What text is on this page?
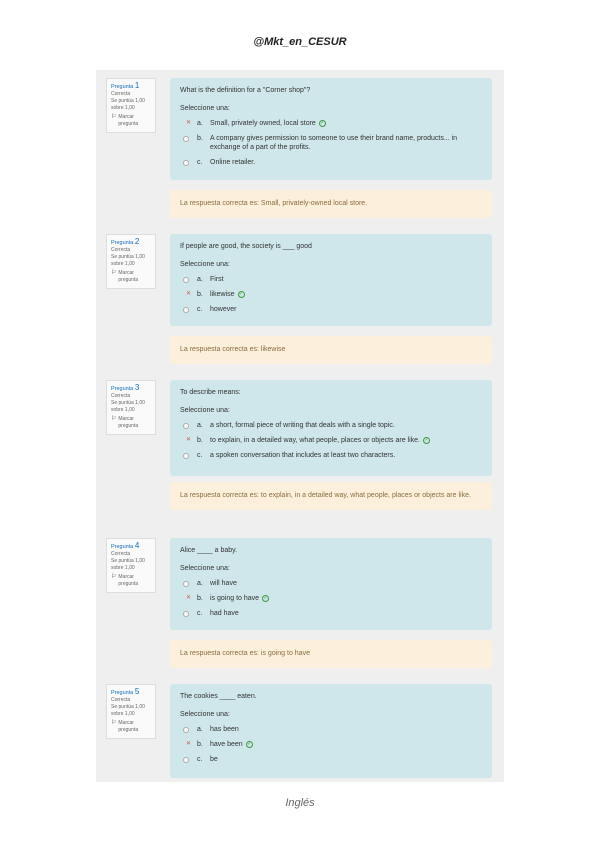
@Mkt_en_CESUR
Pregunta 1
Correcta
Se puntúa 1,00 sobre 1,00
⚐ Marcar pregunta
What is the definition for a "Corner shop"?
Seleccione una:
✕ a.	Small, privately owned, local store ✓
b.	A company gives permission to someone to use their brand name, products... in exchange of a part of the profits.
c.	Online retailer.
La respuesta correcta es: Small, privately-owned local store.
Pregunta 2
Correcta
Se puntúa 1,00 sobre 1,00
⚐ Marcar pregunta
If people are good, the society is ___ good
Seleccione una:
a.	First
✕ b.	likewise ✓
c.	however
La respuesta correcta es: likewise
Pregunta 3
Correcta
Se puntúa 1,00 sobre 1,00
⚐ Marcar pregunta
To describe means:
Seleccione una:
a.	a short, formal piece of writing that deals with a single topic.
✕ b.	to explain, in a detailed way, what people, places or objects are like. ✓
c.	a spoken conversation that includes at least two characters.
La respuesta correcta es: to explain, in a detailed way, what people, places or objects are like.
Pregunta 4
Correcta
Se puntúa 1,00 sobre 1,00
⚐ Marcar pregunta
Alice ____ a baby.
Seleccione una:
a.	will have
✕ b.	is going to have ✓
c.	had have
La respuesta correcta es: is going to have
Pregunta 5
Correcta
Se puntúa 1,00 sobre 1,00
⚐ Marcar pregunta
The cookies ____ eaten.
Seleccione una:
a.	has been
✕ b.	have been ✓
c.	be
Inglés
